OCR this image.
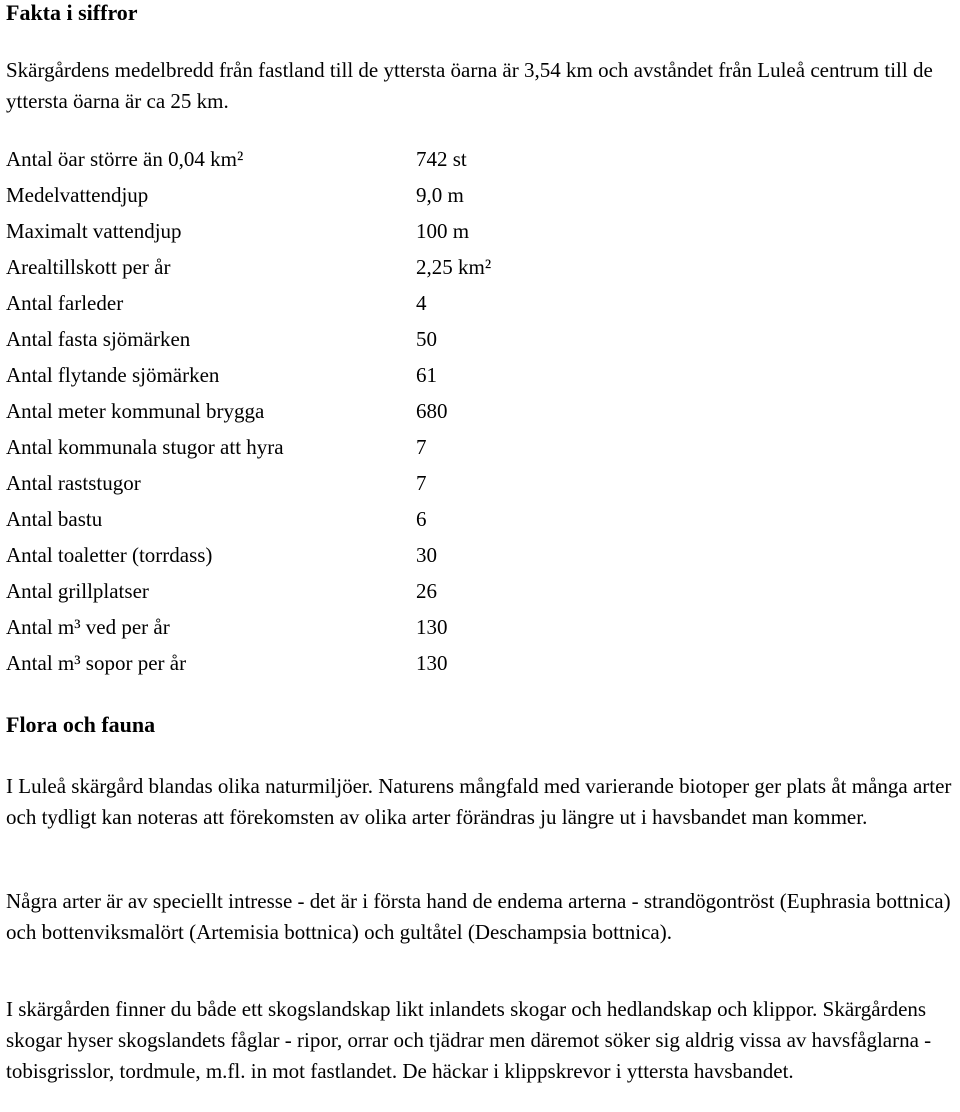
Fakta i siffror
Skärgårdens medelbredd från fastland till de yttersta öarna är 3,54 km och avståndet från Luleå centrum till de yttersta öarna är ca 25 km.
Antal öar större än 0,04 km²	742 st
Medelvattendjup	9,0 m
Maximalt vattendjup	100 m
Arealtillskott per år	2,25 km²
Antal farleder	4
Antal fasta sjömärken	50
Antal flytande sjömärken	61
Antal meter kommunal brygga	680
Antal kommunala stugor att hyra	7
Antal raststugor	7
Antal bastu	6
Antal toaletter (torrdass)	30
Antal grillplatser	26
Antal m³ ved per år	130
Antal m³ sopor per år	130
Flora och fauna
I Luleå skärgård blandas olika naturmiljöer. Naturens mångfald med varierande biotoper ger plats åt många arter och tydligt kan noteras att förekomsten av olika arter förändras ju längre ut i havsbandet man kommer.
Några arter är av speciellt intresse - det är i första hand de endema arterna - strandögontröst (Euphrasia bottnica) och bottenviksmalört (Artemisia bottnica) och gultåtel (Deschampsia bottnica).
I skärgården finner du både ett skogslandskap likt inlandets skogar och hedlandskap och klippor. Skärgårdens skogar hyser skogslandets fåglar - ripor, orrar och tjädrar men däremot söker sig aldrig vissa av havsfåglarna - tobisgrisslor, tordmule, m.fl. in mot fastlandet. De häckar i klippskrevor i yttersta havsbandet.
